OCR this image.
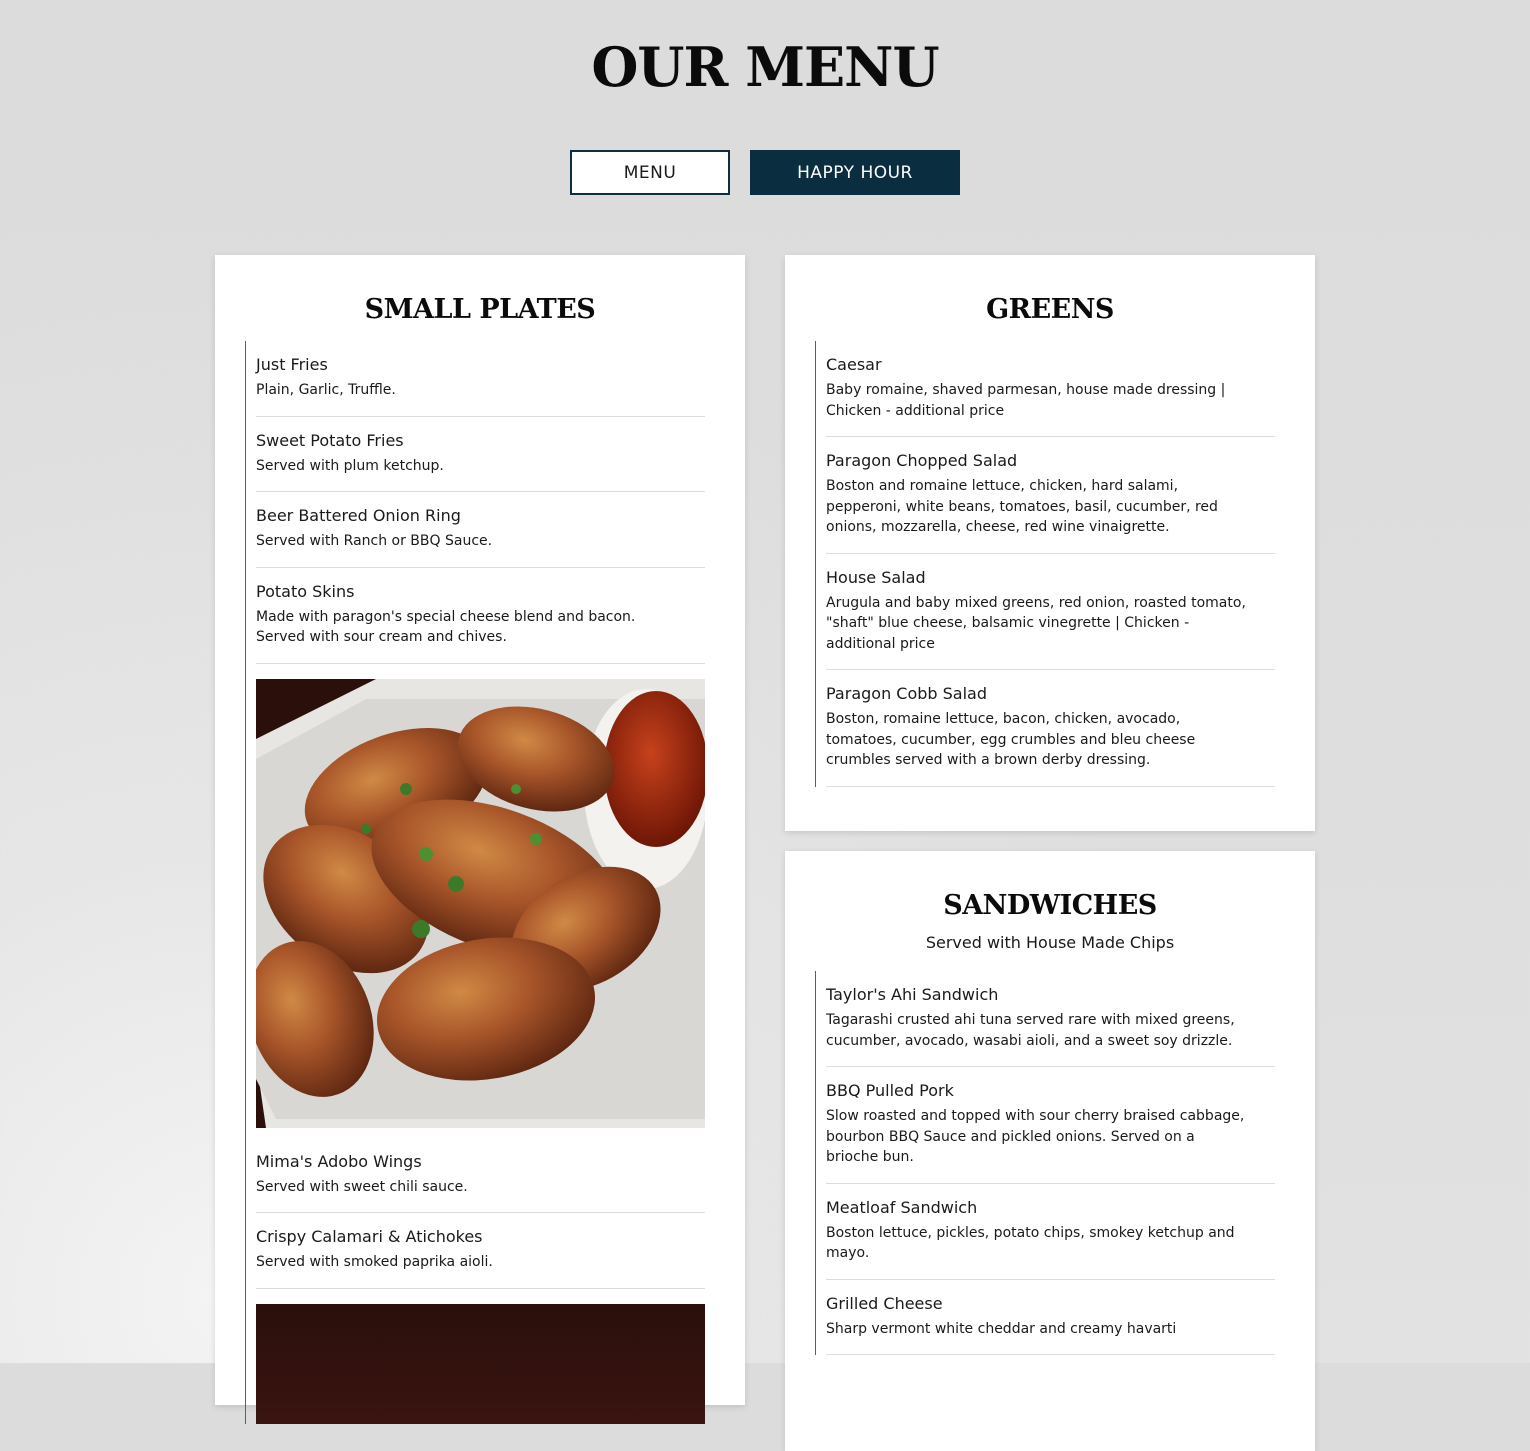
OUR MENU
MENU	HAPPY HOUR
SMALL PLATES
Just Fries
Plain, Garlic, Truffle.
Sweet Potato Fries
Served with plum ketchup.
Beer Battered Onion Ring
Served with Ranch or BBQ Sauce.
Potato Skins
Made with paragon's special cheese blend and bacon. Served with sour cream and chives.
Mima's Adobo Wings
Served with sweet chili sauce.
Crispy Calamari & Atichokes
Served with smoked paprika aioli.
GREENS
Caesar
Baby romaine, shaved parmesan, house made dressing | Chicken - additional price
Paragon Chopped Salad
Boston and romaine lettuce, chicken, hard salami, pepperoni, white beans, tomatoes, basil, cucumber, red onions, mozzarella, cheese, red wine vinaigrette.
House Salad
Arugula and baby mixed greens, red onion, roasted tomato, "shaft" blue cheese, balsamic vinegrette | Chicken - additional price
Paragon Cobb Salad
Boston, romaine lettuce, bacon, chicken, avocado, tomatoes, cucumber, egg crumbles and bleu cheese crumbles served with a brown derby dressing.
SANDWICHES
Served with House Made Chips
Taylor's Ahi Sandwich
Tagarashi crusted ahi tuna served rare with mixed greens, cucumber, avocado, wasabi aioli, and a sweet soy drizzle.
BBQ Pulled Pork
Slow roasted and topped with sour cherry braised cabbage, bourbon BBQ Sauce and pickled onions. Served on a brioche bun.
Meatloaf Sandwich
Boston lettuce, pickles, potato chips, smokey ketchup and mayo.
Grilled Cheese
Sharp vermont white cheddar and creamy havarti
